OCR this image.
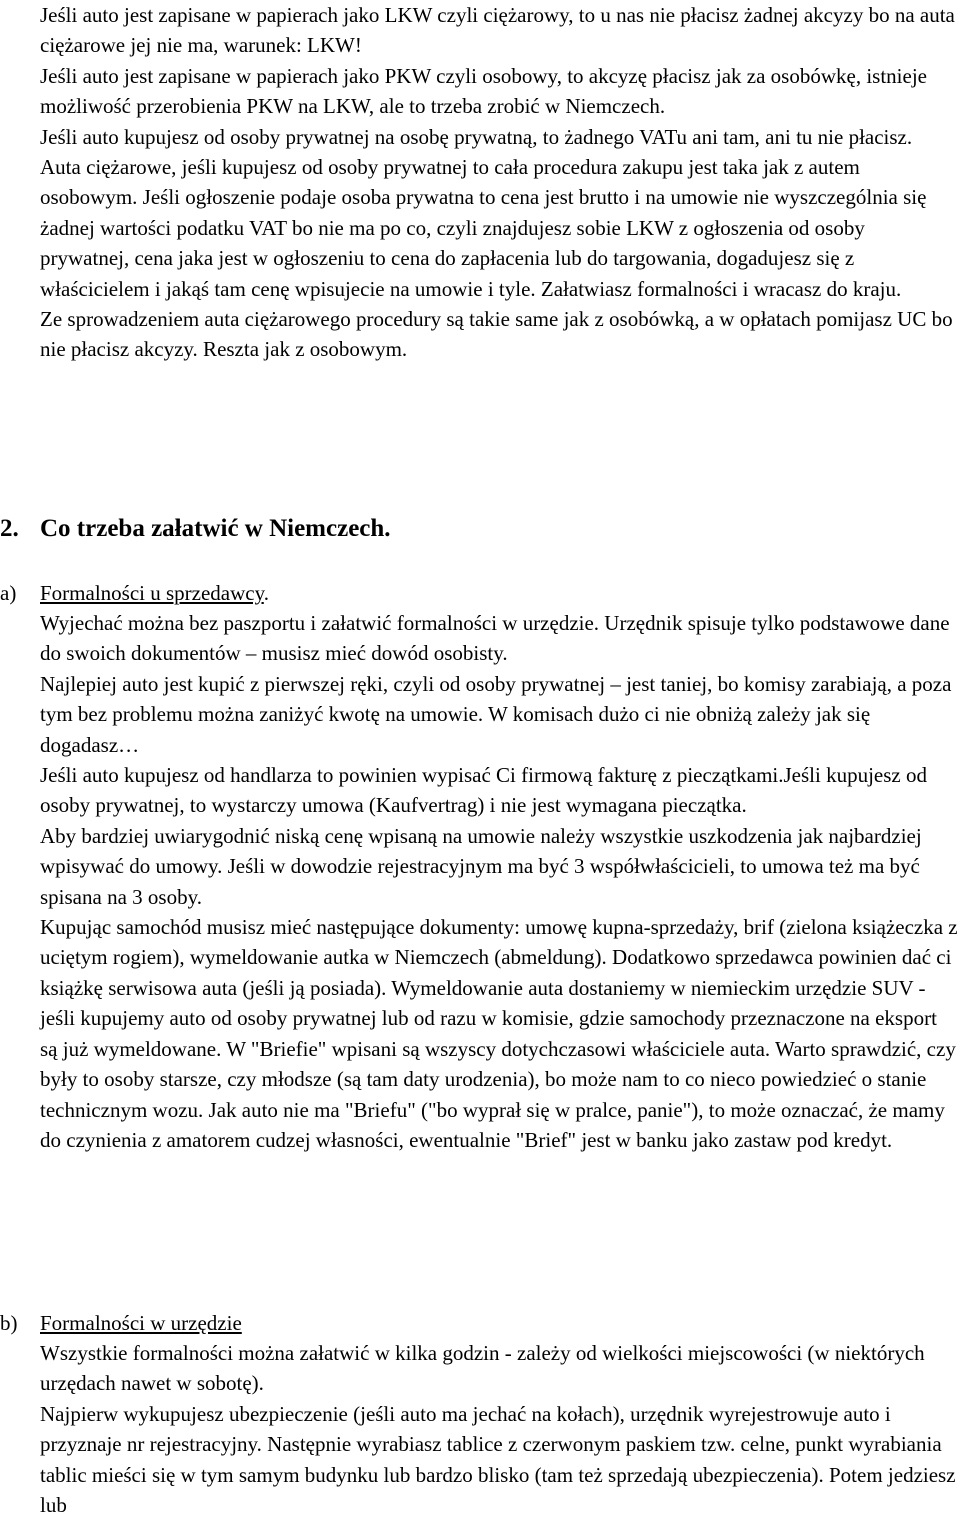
Jeśli auto jest zapisane w papierach jako LKW czyli ciężarowy, to u nas nie płacisz żadnej akcyzy bo na auta ciężarowe jej nie ma, warunek: LKW!

Jeśli auto jest zapisane w papierach jako PKW czyli osobowy, to akcyzę płacisz jak za osobówkę, istnieje możliwość przerobienia PKW na LKW, ale to trzeba zrobić w Niemczech.

Jeśli auto kupujesz od osoby prywatnej na osobę prywatną, to żadnego VATu ani tam, ani tu nie płacisz.

Auta ciężarowe, jeśli kupujesz od osoby prywatnej to cała procedura zakupu jest taka jak z autem osobowym. Jeśli ogłoszenie podaje osoba prywatna to cena jest brutto i na umowie nie wyszczególnia się żadnej wartości podatku VAT bo nie ma po co, czyli znajdujesz sobie LKW z ogłoszenia od osoby prywatnej, cena jaka jest w ogłoszeniu to cena do zapłacenia lub do targowania, dogadujesz się z właścicielem i jakąś tam cenę wpisujecie na umowie i tyle. Załatwiasz formalności i wracasz do kraju.

Ze sprowadzeniem auta ciężarowego procedury są takie same jak z osobówką, a w opłatach pomijasz UC bo nie płacisz akcyzy. Reszta jak z osobowym.

2. Co trzeba załatwić w Niemczech.
a) Formalności u sprzedawcy.

Wyjechać można bez paszportu i załatwić formalności w urzędzie. Urzędnik spisuje tylko podstawowe dane do swoich dokumentów – musisz mieć dowód osobisty.

Najlepiej auto jest kupić z pierwszej ręki, czyli od osoby prywatnej – jest taniej, bo komisy zarabiają, a poza tym bez problemu można zaniżyć kwotę na umowie. W komisach dużo ci nie obniżą zależy jak się dogadasz…

Jeśli auto kupujesz od handlarza to powinien wypisać Ci firmową fakturę z pieczątkami.Jeśli kupujesz od osoby prywatnej, to wystarczy umowa (Kaufvertrag) i nie jest wymagana pieczątka.

Aby bardziej uwiarygodnić niską cenę wpisaną na umowie należy wszystkie uszkodzenia jak najbardziej wpisywać do umowy. Jeśli w dowodzie rejestracyjnym ma być 3 współwłaścicieli, to umowa też ma być spisana na 3 osoby.

Kupując samochód musisz mieć następujące dokumenty: umowę kupna-sprzedaży, brif (zielona książeczka z uciętym rogiem), wymeldowanie autka w Niemczech (abmeldung). Dodatkowo sprzedawca powinien dać ci książkę serwisowa auta (jeśli ją posiada). Wymeldowanie auta dostaniemy w niemieckim urzędzie SUV - jeśli kupujemy auto od osoby prywatnej lub od razu w komisie, gdzie samochody przeznaczone na eksport są już wymeldowane. W "Briefie" wpisani są wszyscy dotychczasowi właściciele auta. Warto sprawdzić, czy były to osoby starsze, czy młodsze (są tam daty urodzenia), bo może nam to co nieco powiedzieć o stanie technicznym wozu. Jak auto nie ma "Briefu" ("bo wyprał się w pralce, panie"), to może oznaczać, że mamy do czynienia z amatorem cudzej własności, ewentualnie "Brief" jest w banku jako zastaw pod kredyt.

b) Formalności w urzędzie

Wszystkie formalności można załatwić w kilka godzin - zależy od wielkości miejscowości (w niektórych urzędach nawet w sobotę).

Najpierw wykupujesz ubezpieczenie (jeśli auto ma jechać na kołach), urzędnik wyrejestrowuje auto i przyznaje nr rejestracyjny. Następnie wyrabiasz tablice z czerwonym paskiem tzw. celne, punkt wyrabiania tablic mieści się w tym samym budynku lub bardzo blisko (tam też sprzedają ubezpieczenia). Potem jedziesz lub
